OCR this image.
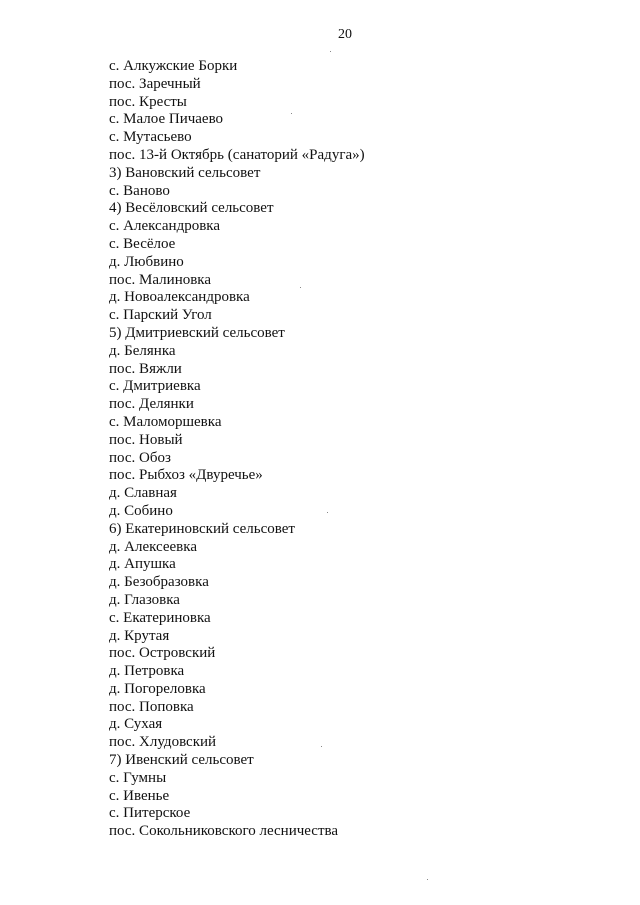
20
с. Алкужские Борки
пос. Заречный
пос. Кресты
с. Малое Пичаево
с. Мутасьево
пос. 13-й Октябрь (санаторий «Радуга»)
3) Вановский сельсовет
с. Ваново
4) Весёловский сельсовет
с. Александровка
с. Весёлое
д. Любвино
пос. Малиновка
д. Новоалександровка
с. Парский Угол
5) Дмитриевский сельсовет
д. Белянка
пос. Вяжли
с. Дмитриевка
пос. Делянки
с. Маломоршевка
пос. Новый
пос. Обоз
пос. Рыбхоз «Двуречье»
д. Славная
д. Собино
6) Екатериновский сельсовет
д. Алексеевка
д. Апушка
д. Безобразовка
д. Глазовка
с. Екатериновка
д. Крутая
пос. Островский
д. Петровка
д. Погореловка
пос. Поповка
д. Сухая
пос. Хлудовский
7) Ивенский сельсовет
с. Гумны
с. Ивенье
с. Питерское
пос. Сокольниковского лесничества
